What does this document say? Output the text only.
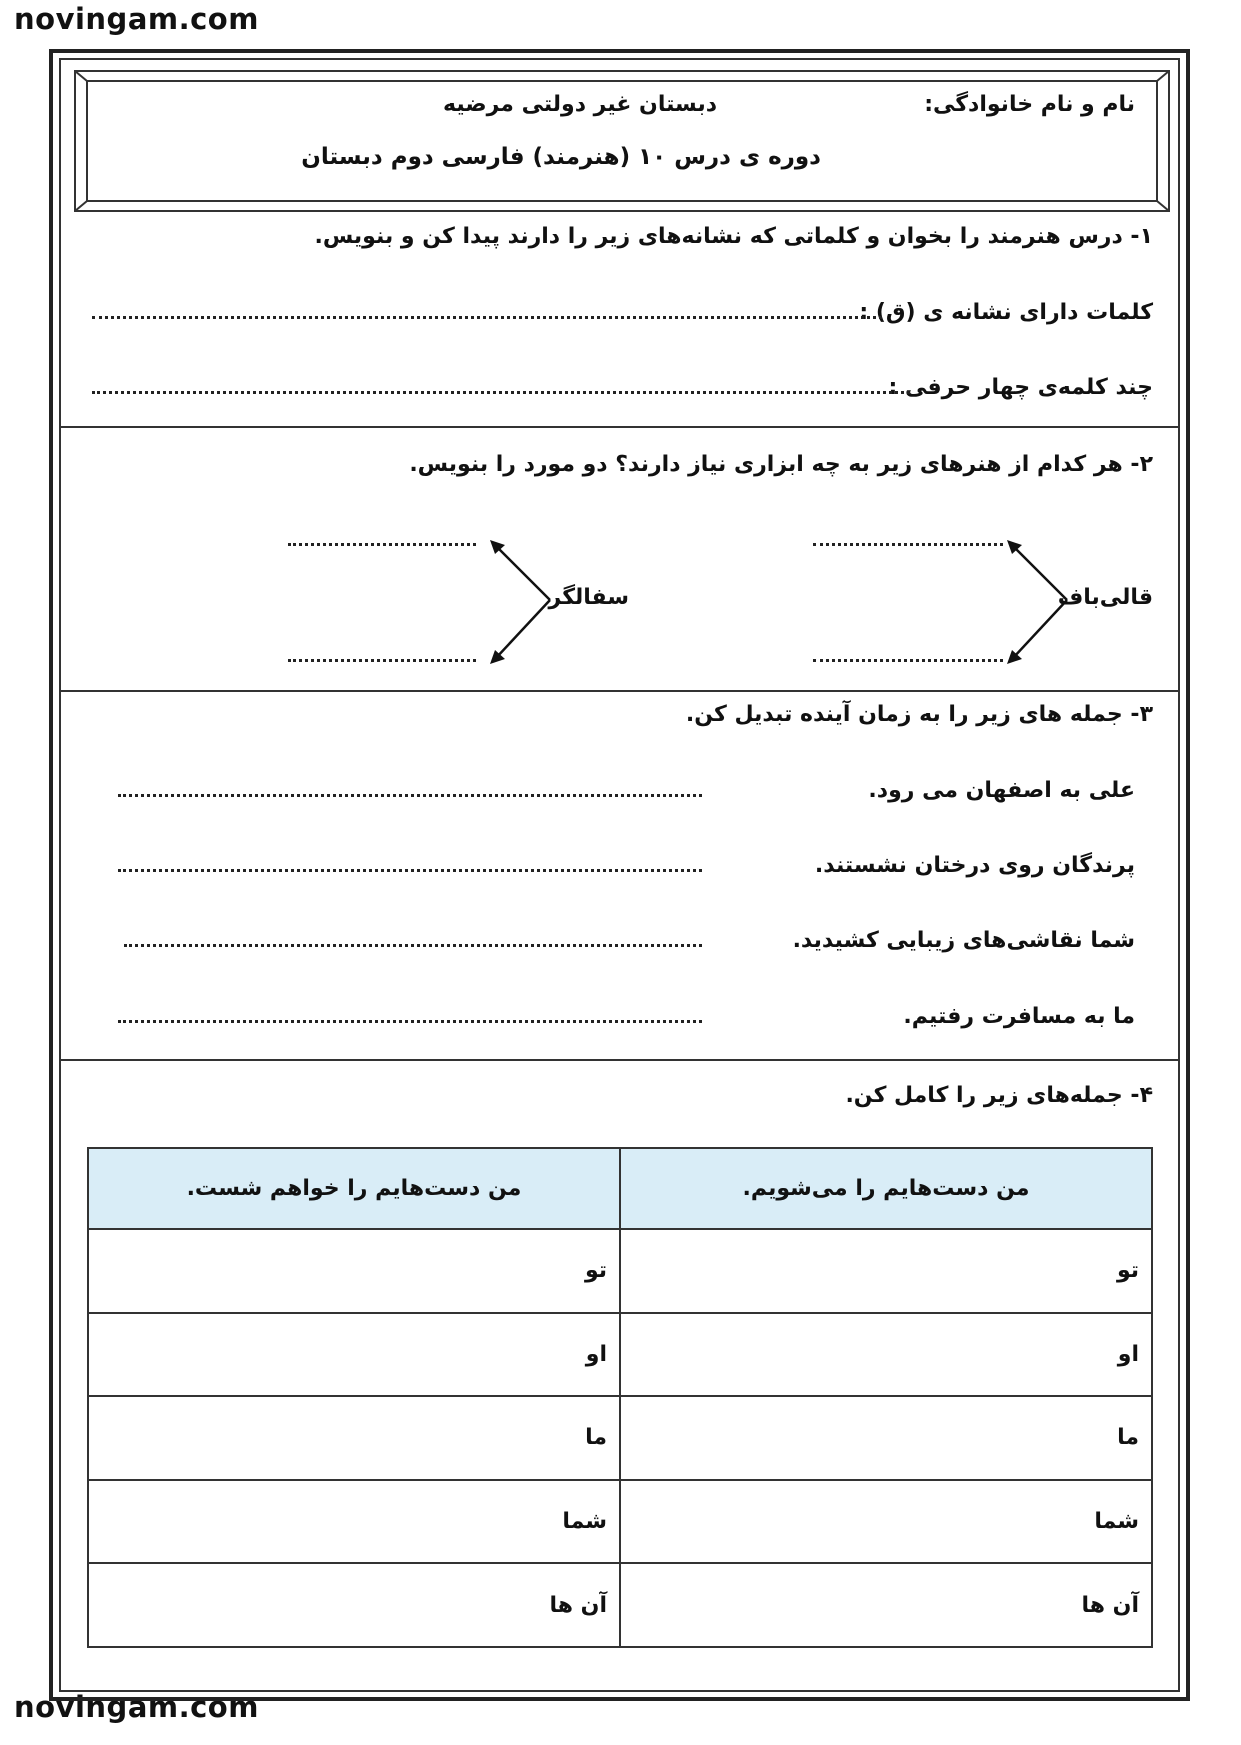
novingam.com
novingam.com
نام و نام خانوادگی:
دبستان غیر دولتی مرضیه
دوره ی درس ۱۰ (هنرمند) فارسی دوم دبستان
۱- درس هنرمند را بخوان و کلماتی که نشانه‌های زیر را دارند پیدا کن و بنویس.
کلمات دارای نشانه ی (ق) :
چند کلمه‌ی چهار حرفی :
۲- هر کدام از هنرهای زیر به چه ابزاری نیاز دارند؟ دو مورد را بنویس.
قالی‌باف
سفالگر
۳- جمله های زیر را به زمان آینده تبدیل کن.
علی به اصفهان می رود.
پرندگان روی درختان نشستند.
شما نقاشی‌های زیبایی کشیدید.
ما به مسافرت رفتیم.
۴- جمله‌های زیر را کامل کن.
من دست‌هایم را می‌شویم.	من دست‌هایم را خواهم شست.
تو	تو
او	او
ما	ما
شما	شما
آن ها	آن ها
